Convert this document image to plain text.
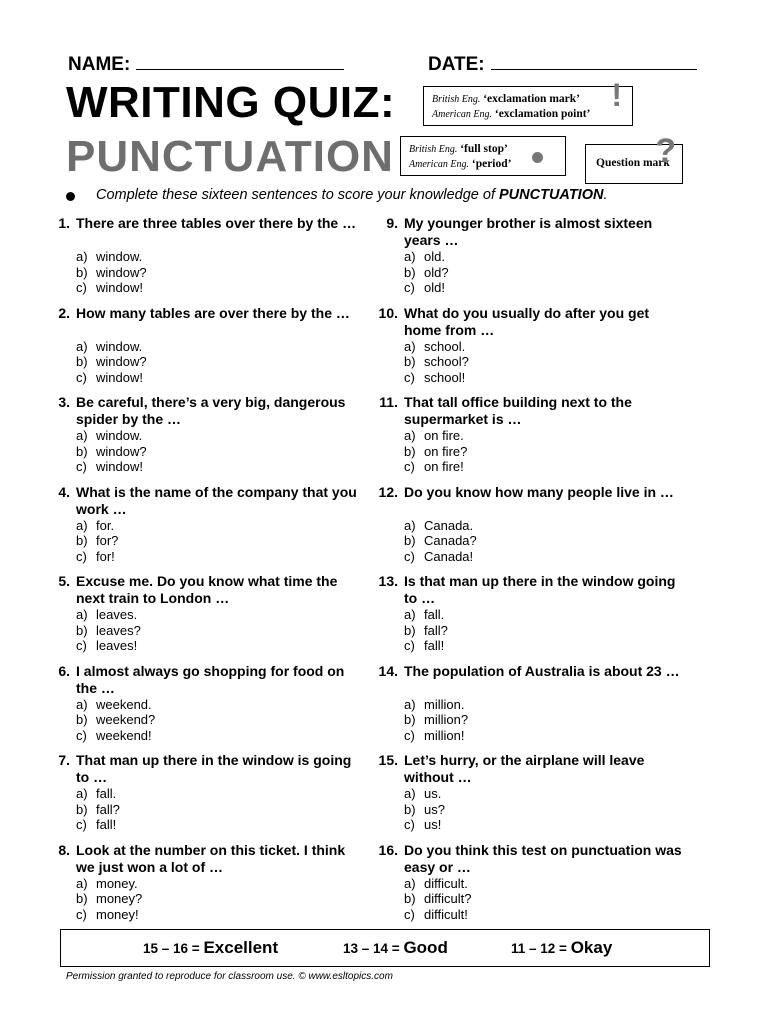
NAME:	DATE:
WRITING QUIZ:
PUNCTUATION
British Eng. ‘exclamation mark’
American Eng. ‘exclamation point’
!
British Eng. ‘full stop’
American Eng. ‘period’	Question mark
?
Complete these sixteen sentences to score your knowledge of PUNCTUATION.
1. There are three tables over there by the …
a) window.
b) window?
c) window!
2. How many tables are over there by the …
a) window.
b) window?
c) window!
3. Be careful, there’s a very big, dangerous spider by the …
a) window.
b) window?
c) window!
4. What is the name of the company that you work …
a) for.
b) for?
c) for!
5. Excuse me. Do you know what time the next train to London …
a) leaves.
b) leaves?
c) leaves!
6. I almost always go shopping for food on the …
a) weekend.
b) weekend?
c) weekend!
7. That man up there in the window is going to …
a) fall.
b) fall?
c) fall!
8. Look at the number on this ticket. I think we just won a lot of …
a) money.
b) money?
c) money!
9. My younger brother is almost sixteen years …
a) old.
b) old?
c) old!
10. What do you usually do after you get home from …
a) school.
b) school?
c) school!
11. That tall office building next to the supermarket is …
a) on fire.
b) on fire?
c) on fire!
12. Do you know how many people live in …
a) Canada.
b) Canada?
c) Canada!
13. Is that man up there in the window going to …
a) fall.
b) fall?
c) fall!
14. The population of Australia is about 23 …
a) million.
b) million?
c) million!
15. Let’s hurry, or the airplane will leave without …
a) us.
b) us?
c) us!
16. Do you think this test on punctuation was easy or …
a) difficult.
b) difficult?
c) difficult!
15 – 16 = Excellent	13 – 14 = Good	11 – 12 = Okay
Permission granted to reproduce for classroom use. © www.esltopics.com
